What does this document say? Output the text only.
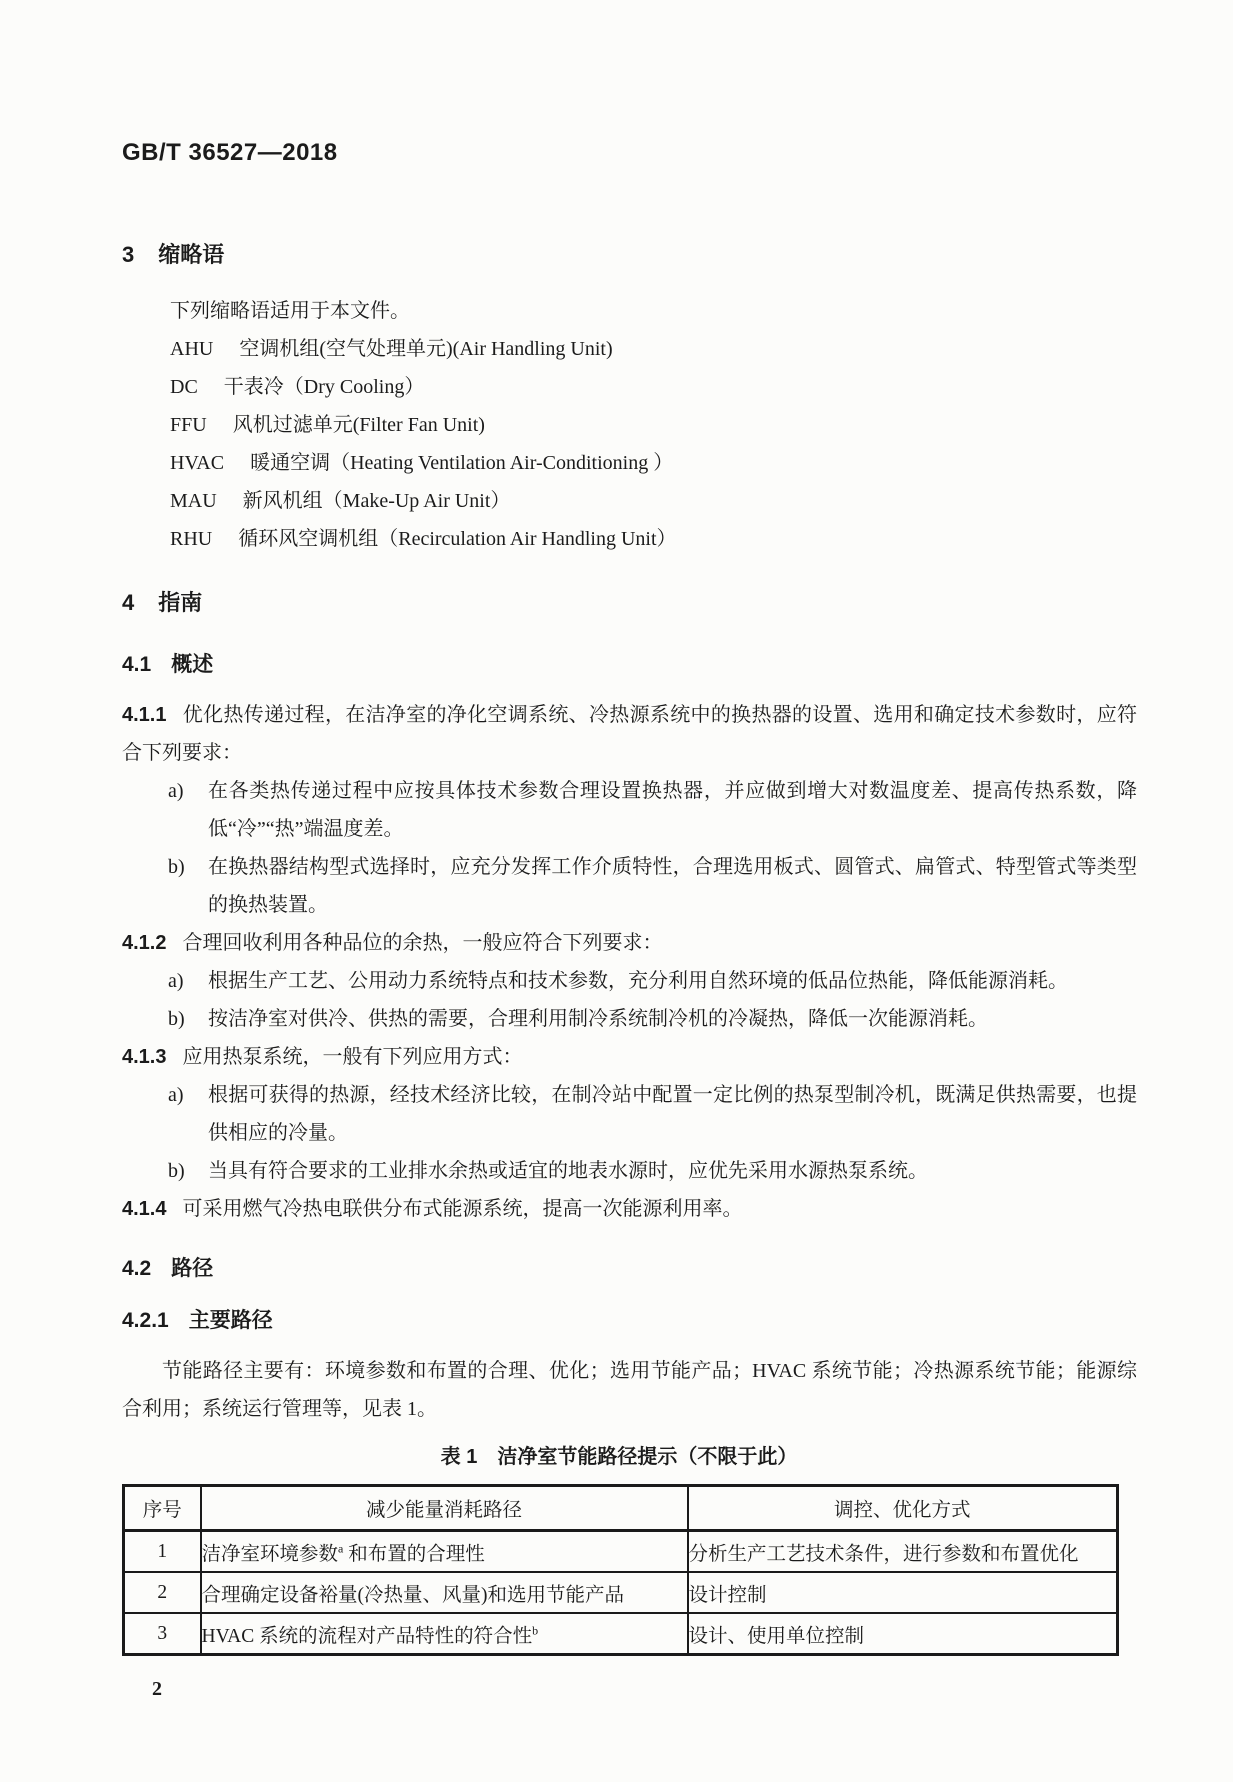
GB/T 36527—2018
3 缩略语

下列缩略语适用于本文件。

AHU 空调机组(空气处理单元)(Air Handling Unit)
DC 干表冷（Dry Cooling）
FFU 风机过滤单元(Filter Fan Unit)
HVAC 暖通空调（Heating Ventilation Air-Conditioning ）
MAU 新风机组（Make-Up Air Unit）
RHU 循环风空调机组（Recirculation Air Handling Unit）
4 指南
4.1 概述

4.1.1 优化热传递过程，在洁净室的净化空调系统、冷热源系统中的换热器的设置、选用和确定技术参数时，应符合下列要求：

a)	在各类热传递过程中应按具体技术参数合理设置换热器，并应做到增大对数温度差、提高传热系数，降低“冷”“热”端温度差。
b)	在换热器结构型式选择时，应充分发挥工作介质特性，合理选用板式、圆管式、扁管式、特型管式等类型的换热装置。

4.1.2 合理回收利用各种品位的余热，一般应符合下列要求：

a)	根据生产工艺、公用动力系统特点和技术参数，充分利用自然环境的低品位热能，降低能源消耗。
b)	按洁净室对供冷、供热的需要，合理利用制冷系统制冷机的冷凝热，降低一次能源消耗。

4.1.3 应用热泵系统，一般有下列应用方式：

a)	根据可获得的热源，经技术经济比较，在制冷站中配置一定比例的热泵型制冷机，既满足供热需要，也提供相应的冷量。
b)	当具有符合要求的工业排水余热或适宜的地表水源时，应优先采用水源热泵系统。

4.1.4 可采用燃气冷热电联供分布式能源系统，提高一次能源利用率。

4.2 路径
4.2.1 主要路径

节能路径主要有：环境参数和布置的合理、优化；选用节能产品；HVAC 系统节能；冷热源系统节能；能源综合利用；系统运行管理等，见表 1。

表 1　洁净室节能路径提示（不限于此）
序号	减少能量消耗路径	调控、优化方式
1	洁净室环境参数$^a$ 和布置的合理性	分析生产工艺技术条件，进行参数和布置优化
2	合理确定设备裕量(冷热量、风量)和选用节能产品	设计控制
3	HVAC 系统的流程对产品特性的符合性$^b$	设计、使用单位控制
2
